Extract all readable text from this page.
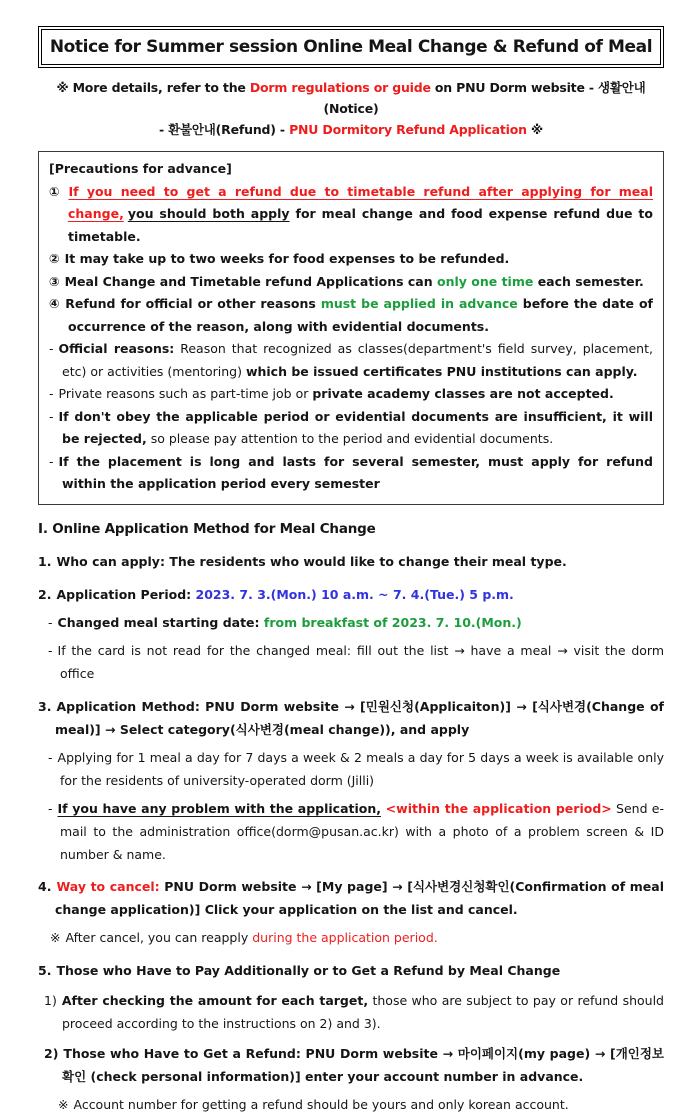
Notice for Summer session Online Meal Change & Refund of Meal
※ More details, refer to the Dorm regulations or guide on PNU Dorm website - 생활안내(Notice)
- 환불안내(Refund) - PNU Dormitory Refund Application ※

[Precautions for advance]

① If you need to get a refund due to timetable refund after applying for meal change, you should both apply for meal change and food expense refund due to timetable.

② It may take up to two weeks for food expenses to be refunded.

③ Meal Change and Timetable refund Applications can only one time each semester.

④ Refund for official or other reasons must be applied in advance before the date of occurrence of the reason, along with evidential documents.

- Official reasons: Reason that recognized as classes(department's field survey, placement, etc) or activities (mentoring) which be issued certificates PNU institutions can apply.

- Private reasons such as part-time job or private academy classes are not accepted.

- If don't obey the applicable period or evidential documents are insufficient, it will be rejected, so please pay attention to the period and evidential documents.

- If the placement is long and lasts for several semester, must apply for refund within the application period every semester

Ⅰ. Online Application Method for Meal Change

1. Who can apply: The residents who would like to change their meal type.

2. Application Period: 2023. 7. 3.(Mon.) 10 a.m. ~ 7. 4.(Tue.) 5 p.m.

- Changed meal starting date: from breakfast of 2023. 7. 10.(Mon.)

- If the card is not read for the changed meal: fill out the list → have a meal → visit the dorm office

3. Application Method: PNU Dorm website → [민원신청(Applicaiton)] → [식사변경(Change of meal)] → Select category(식사변경(meal change)), and apply

- Applying for 1 meal a day for 7 days a week & 2 meals a day for 5 days a week is available only for the residents of university-operated dorm (Jilli)

- If you have any problem with the application, <within the application period> Send e-mail to the administration office(dorm@pusan.ac.kr) with a photo of a problem screen & ID number & name.

4. Way to cancel: PNU Dorm website → [My page] → [식사변경신청확인(Confirmation of meal change application)] Click your application on the list and cancel.

※ After cancel, you can reapply during the application period.

5. Those who Have to Pay Additionally or to Get a Refund by Meal Change

1) After checking the amount for each target, those who are subject to pay or refund should proceed according to the instructions on 2) and 3).

2) Those who Have to Get a Refund: PNU Dorm website → 마이페이지(my page) → [개인정보 확인 (check personal information)] enter your account number in advance.

※ Account number for getting a refund should be yours and only korean account.
